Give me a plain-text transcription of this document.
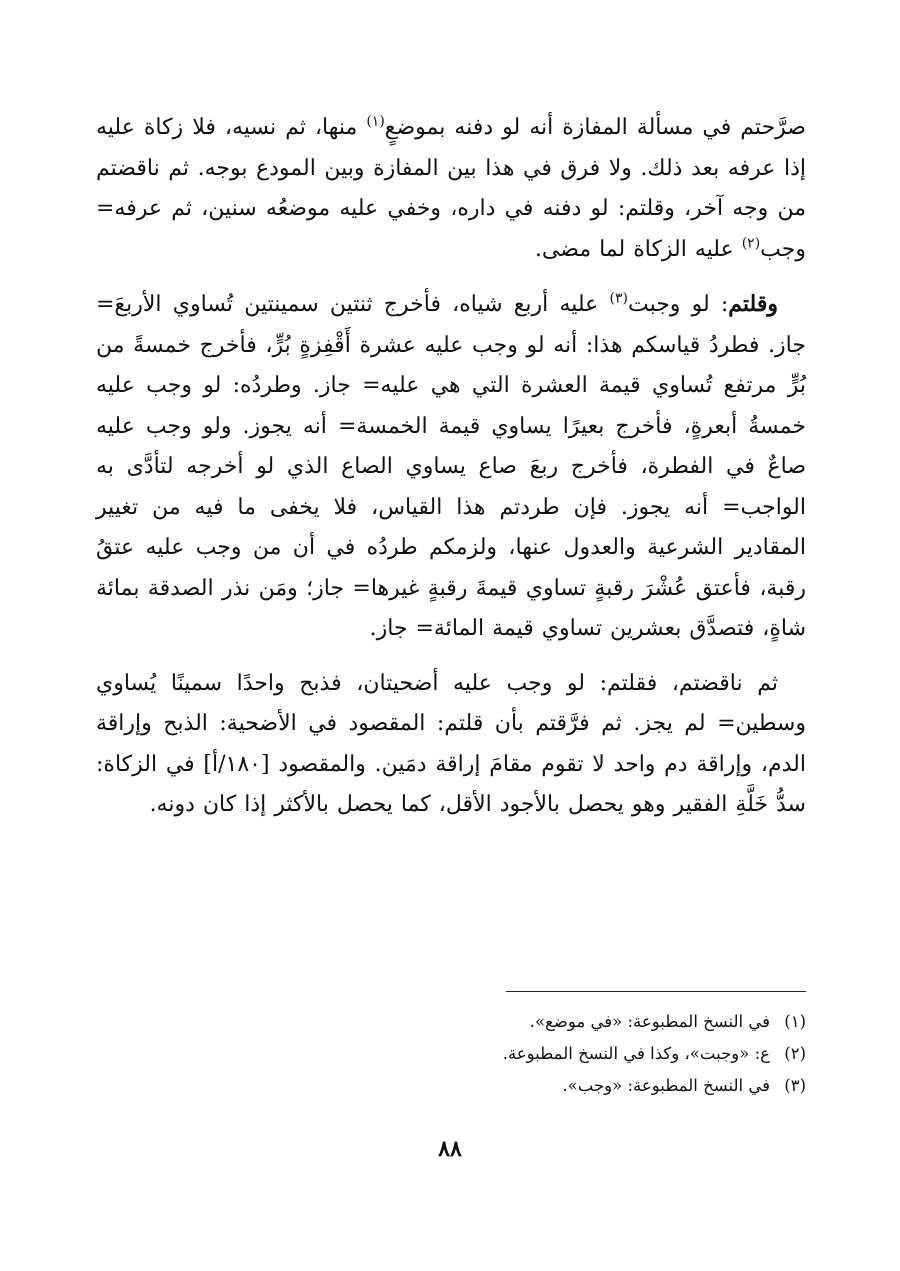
صرَّحتم في مسألة المفازة أنه لو دفنه بموضعٍ$^{(١)}$ منها، ثم نسيه، فلا زكاة عليه إذا عرفه بعد ذلك. ولا فرق في هذا بين المفازة وبين المودع بوجه. ثم ناقضتم من وجه آخر، وقلتم: لو دفنه في داره، وخفي عليه موضعُه سنين، ثم عرفه= وجب$^{(٢)}$ عليه الزكاة لما مضى.

وقلتم: لو وجبت$^{(٣)}$ عليه أربع شياه، فأخرج ثنتين سمينتين تُساوي الأربعَ= جاز. فطردُ قياسكم هذا: أنه لو وجب عليه عشرة أَقْفِزةٍ بُرٍّ، فأخرج خمسةً من بُرٍّ مرتفع تُساوي قيمة العشرة التي هي عليه= جاز. وطردُه: لو وجب عليه خمسةُ أبعرةٍ، فأخرج بعيرًا يساوي قيمة الخمسة= أنه يجوز. ولو وجب عليه صاعٌ في الفطرة، فأخرج ربعَ صاع يساوي الصاع الذي لو أخرجه لتأدَّى به الواجب= أنه يجوز. فإن طردتم هذا القياس، فلا يخفى ما فيه من تغيير المقادير الشرعية والعدول عنها، ولزمكم طردُه في أن من وجب عليه عتقُ رقبة، فأعتق عُشْرَ رقبةٍ تساوي قيمةَ رقبةٍ غيرها= جاز؛ ومَن نذر الصدقة بمائة شاةٍ، فتصدَّق بعشرين تساوي قيمة المائة= جاز.

ثم ناقضتم، فقلتم: لو وجب عليه أضحيتان، فذبح واحدًا سمينًا يُساوي وسطين= لم يجز. ثم فرَّقتم بأن قلتم: المقصود في الأضحية: الذبح وإراقة الدم، وإراقة دم واحد لا تقوم مقامَ إراقة دمَين. والمقصود [١٨٠/أ] في الزكاة: سدُّ خَلَّةِ الفقير وهو يحصل بالأجود الأقل، كما يحصل بالأكثر إذا كان دونه.

(١)
في النسخ المطبوعة: «في موضع».
(٢)
ع: «وجبت»، وكذا في النسخ المطبوعة.
(٣)
في النسخ المطبوعة: «وجب».
٨٨
